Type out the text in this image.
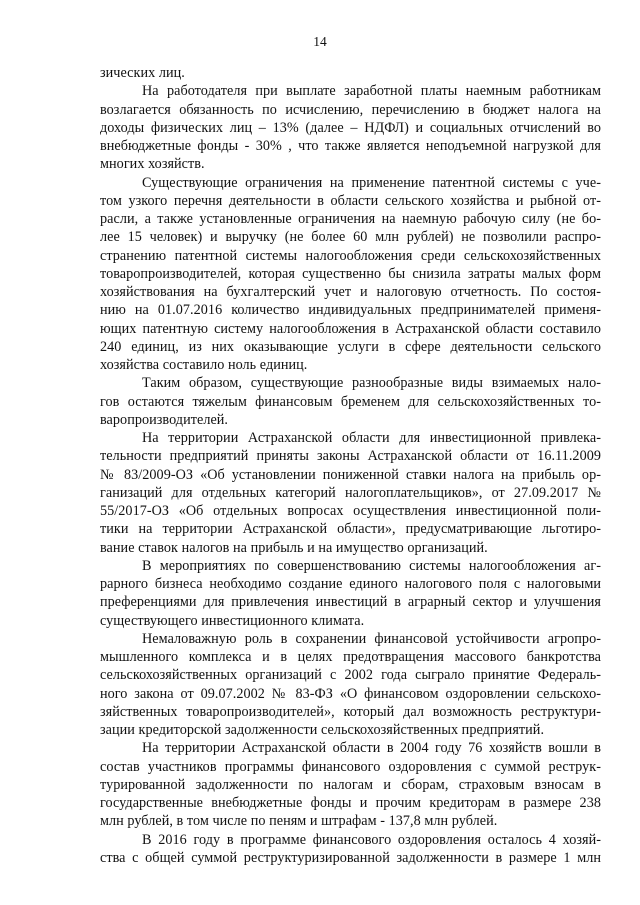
14
зических лиц.
На работодателя при выплате заработной платы наемным работникам
возлагается обязанность по исчислению, перечислению в бюджет налога на
доходы физических лиц – 13% (далее – НДФЛ) и социальных отчислений во
внебюджетные фонды - 30% , что также является неподъемной нагрузкой для
многих хозяйств.
Существующие ограничения на применение патентной системы с уче-
том узкого перечня деятельности в области сельского хозяйства и рыбной от-
расли, а также установленные ограничения на наемную рабочую силу (не бо-
лее 15 человек) и выручку (не более 60 млн рублей) не позволили распро-
странению патентной системы налогообложения среди сельскохозяйственных
товаропроизводителей, которая существенно бы снизила затраты малых форм
хозяйствования на бухгалтерский учет и налоговую отчетность. По состоя-
нию на 01.07.2016 количество индивидуальных предпринимателей применя-
ющих патентную систему налогообложения в Астраханской области составило
240 единиц, из них оказывающие услуги в сфере деятельности сельского
хозяйства составило ноль единиц.
Таким образом, существующие разнообразные виды взимаемых нало-
гов остаются тяжелым финансовым бременем для сельскохозяйственных то-
варопроизводителей.
На территории Астраханской области для инвестиционной привлека-
тельности предприятий приняты законы Астраханской области от 16.11.2009
№ 83/2009-ОЗ «Об установлении пониженной ставки налога на прибыль ор-
ганизаций для отдельных категорий налогоплательщиков», от 27.09.2017 №
55/2017-ОЗ «Об отдельных вопросах осуществления инвестиционной поли-
тики на территории Астраханской области», предусматривающие льготиро-
вание ставок налогов на прибыль и на имущество организаций.
В мероприятиях по совершенствованию системы налогообложения аг-
рарного бизнеса необходимо создание единого налогового поля с налоговыми
преференциями для привлечения инвестиций в аграрный сектор и улучшения
существующего инвестиционного климата.
Немаловажную роль в сохранении финансовой устойчивости агропро-
мышленного комплекса и в целях предотвращения массового банкротства
сельскохозяйственных организаций с 2002 года сыграло принятие Федераль-
ного закона от 09.07.2002 № 83-ФЗ «О финансовом оздоровлении сельскохо-
зяйственных товаропроизводителей», который дал возможность реструктури-
зации кредиторской задолженности сельскохозяйственных предприятий.
На территории Астраханской области в 2004 году 76 хозяйств вошли в
состав участников программы финансового оздоровления с суммой реструк-
турированной задолженности по налогам и сборам, страховым взносам в
государственные внебюджетные фонды и прочим кредиторам в размере 238
млн рублей, в том числе по пеням и штрафам - 137,8 млн рублей.
В 2016 году в программе финансового оздоровления осталось 4 хозяй-
ства с общей суммой реструктуризированной задолженности в размере 1 млн
